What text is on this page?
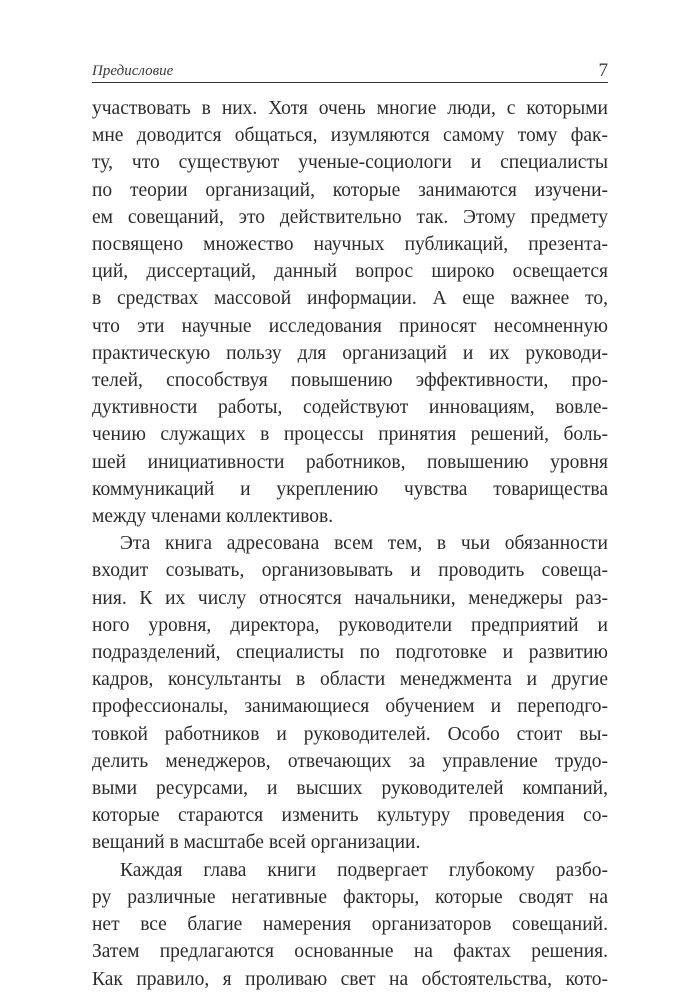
Предисловие	7
участвовать в них. Хотя очень многие люди, с которыми
мне доводится общаться, изумляются самому тому фак-
ту, что существуют ученые-социологи и специалисты
по теории организаций, которые занимаются изучени-
ем совещаний, это действительно так. Этому предмету
посвящено множество научных публикаций, презента-
ций, диссертаций, данный вопрос широко освещается
в средствах массовой информации. А еще важнее то,
что эти научные исследования приносят несомненную
практическую пользу для организаций и их руководи-
телей, способствуя повышению эффективности, про-
дуктивности работы, содействуют инновациям, вовле-
чению служащих в процессы принятия решений, боль-
шей инициативности работников, повышению уровня
коммуникаций и укреплению чувства товарищества
между членами коллективов.
Эта книга адресована всем тем, в чьи обязанности
входит созывать, организовывать и проводить совеща-
ния. К их числу относятся начальники, менеджеры раз-
ного уровня, директора, руководители предприятий и
подразделений, специалисты по подготовке и развитию
кадров, консультанты в области менеджмента и другие
профессионалы, занимающиеся обучением и переподго-
товкой работников и руководителей. Особо стоит вы-
делить менеджеров, отвечающих за управление трудо-
выми ресурсами, и высших руководителей компаний,
которые стараются изменить культуру проведения со-
вещаний в масштабе всей организации.
Каждая глава книги подвергает глубокому разбо-
ру различные негативные факторы, которые сводят на
нет все благие намерения организаторов совещаний.
Затем предлагаются основанные на фактах решения.
Как правило, я проливаю свет на обстоятельства, кото-
